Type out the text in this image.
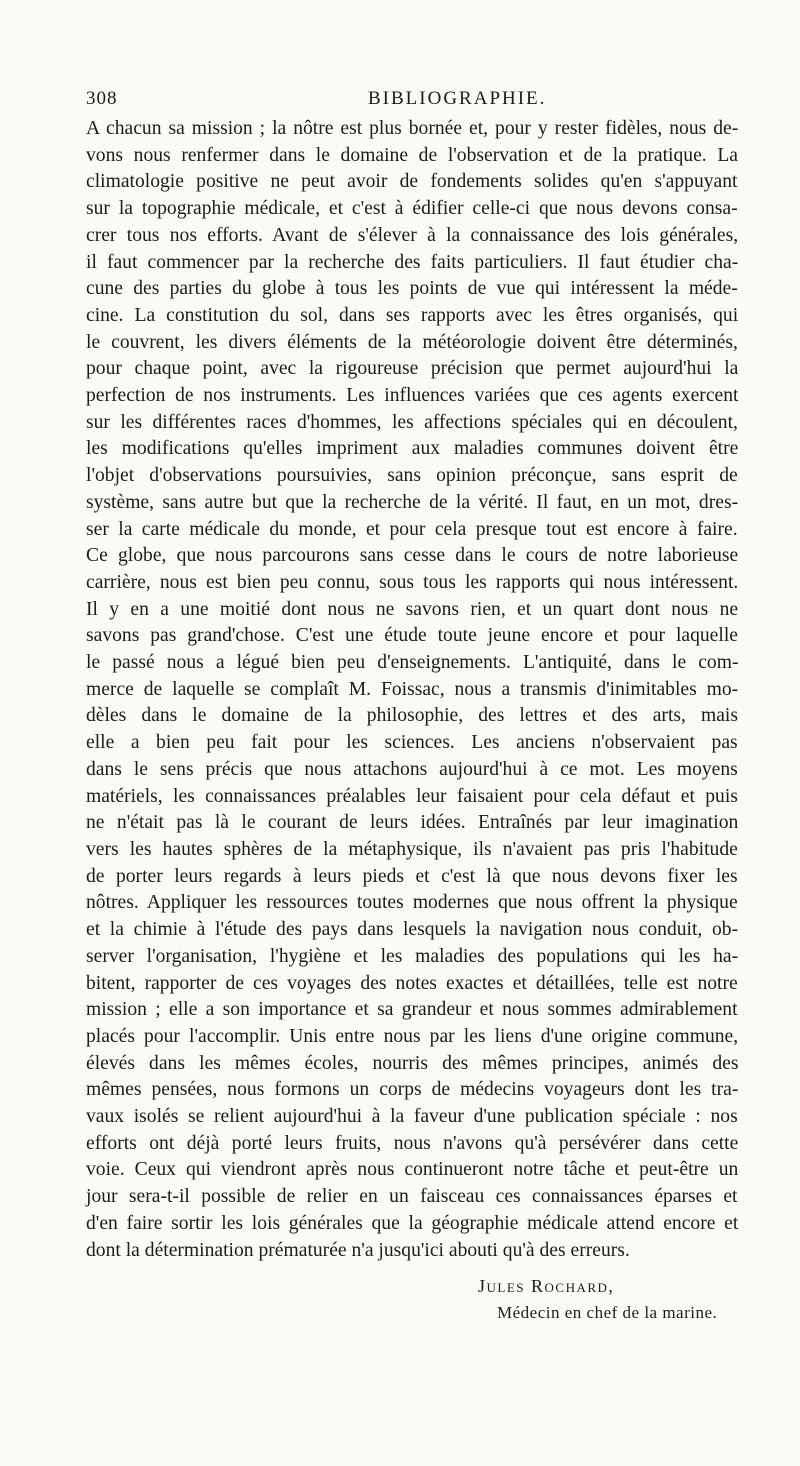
308	BIBLIOGRAPHIE.
A chacun sa mission ; la nôtre est plus bornée et, pour y rester fidèles, nous de-
vons nous renfermer dans le domaine de l'observation et de la pratique. La
climatologie positive ne peut avoir de fondements solides qu'en s'appuyant
sur la topographie médicale, et c'est à édifier celle-ci que nous devons consa-
crer tous nos efforts. Avant de s'élever à la connaissance des lois générales,
il faut commencer par la recherche des faits particuliers. Il faut étudier cha-
cune des parties du globe à tous les points de vue qui intéressent la méde-
cine. La constitution du sol, dans ses rapports avec les êtres organisés, qui
le couvrent, les divers éléments de la météorologie doivent être déterminés,
pour chaque point, avec la rigoureuse précision que permet aujourd'hui la
perfection de nos instruments. Les influences variées que ces agents exercent
sur les différentes races d'hommes, les affections spéciales qui en découlent,
les modifications qu'elles impriment aux maladies communes doivent être
l'objet d'observations poursuivies, sans opinion préconçue, sans esprit de
système, sans autre but que la recherche de la vérité. Il faut, en un mot, dres-
ser la carte médicale du monde, et pour cela presque tout est encore à faire.
Ce globe, que nous parcourons sans cesse dans le cours de notre laborieuse
carrière, nous est bien peu connu, sous tous les rapports qui nous intéressent.
Il y en a une moitié dont nous ne savons rien, et un quart dont nous ne
savons pas grand'chose. C'est une étude toute jeune encore et pour laquelle
le passé nous a légué bien peu d'enseignements. L'antiquité, dans le com-
merce de laquelle se complaît M. Foissac, nous a transmis d'inimitables mo-
dèles dans le domaine de la philosophie, des lettres et des arts, mais
elle a bien peu fait pour les sciences. Les anciens n'observaient pas
dans le sens précis que nous attachons aujourd'hui à ce mot. Les moyens
matériels, les connaissances préalables leur faisaient pour cela défaut et puis
ne n'était pas là le courant de leurs idées. Entraînés par leur imagination
vers les hautes sphères de la métaphysique, ils n'avaient pas pris l'habitude
de porter leurs regards à leurs pieds et c'est là que nous devons fixer les
nôtres. Appliquer les ressources toutes modernes que nous offrent la physique
et la chimie à l'étude des pays dans lesquels la navigation nous conduit, ob-
server l'organisation, l'hygiène et les maladies des populations qui les ha-
bitent, rapporter de ces voyages des notes exactes et détaillées, telle est notre
mission ; elle a son importance et sa grandeur et nous sommes admirablement
placés pour l'accomplir. Unis entre nous par les liens d'une origine commune,
élevés dans les mêmes écoles, nourris des mêmes principes, animés des
mêmes pensées, nous formons un corps de médecins voyageurs dont les tra-
vaux isolés se relient aujourd'hui à la faveur d'une publication spéciale : nos
efforts ont déjà porté leurs fruits, nous n'avons qu'à persévérer dans cette
voie. Ceux qui viendront après nous continueront notre tâche et peut-être un
jour sera-t-il possible de relier en un faisceau ces connaissances éparses et
d'en faire sortir les lois générales que la géographie médicale attend encore et
dont la détermination prématurée n'a jusqu'ici abouti qu'à des erreurs.
Jules Rochard,
Médecin en chef de la marine.
